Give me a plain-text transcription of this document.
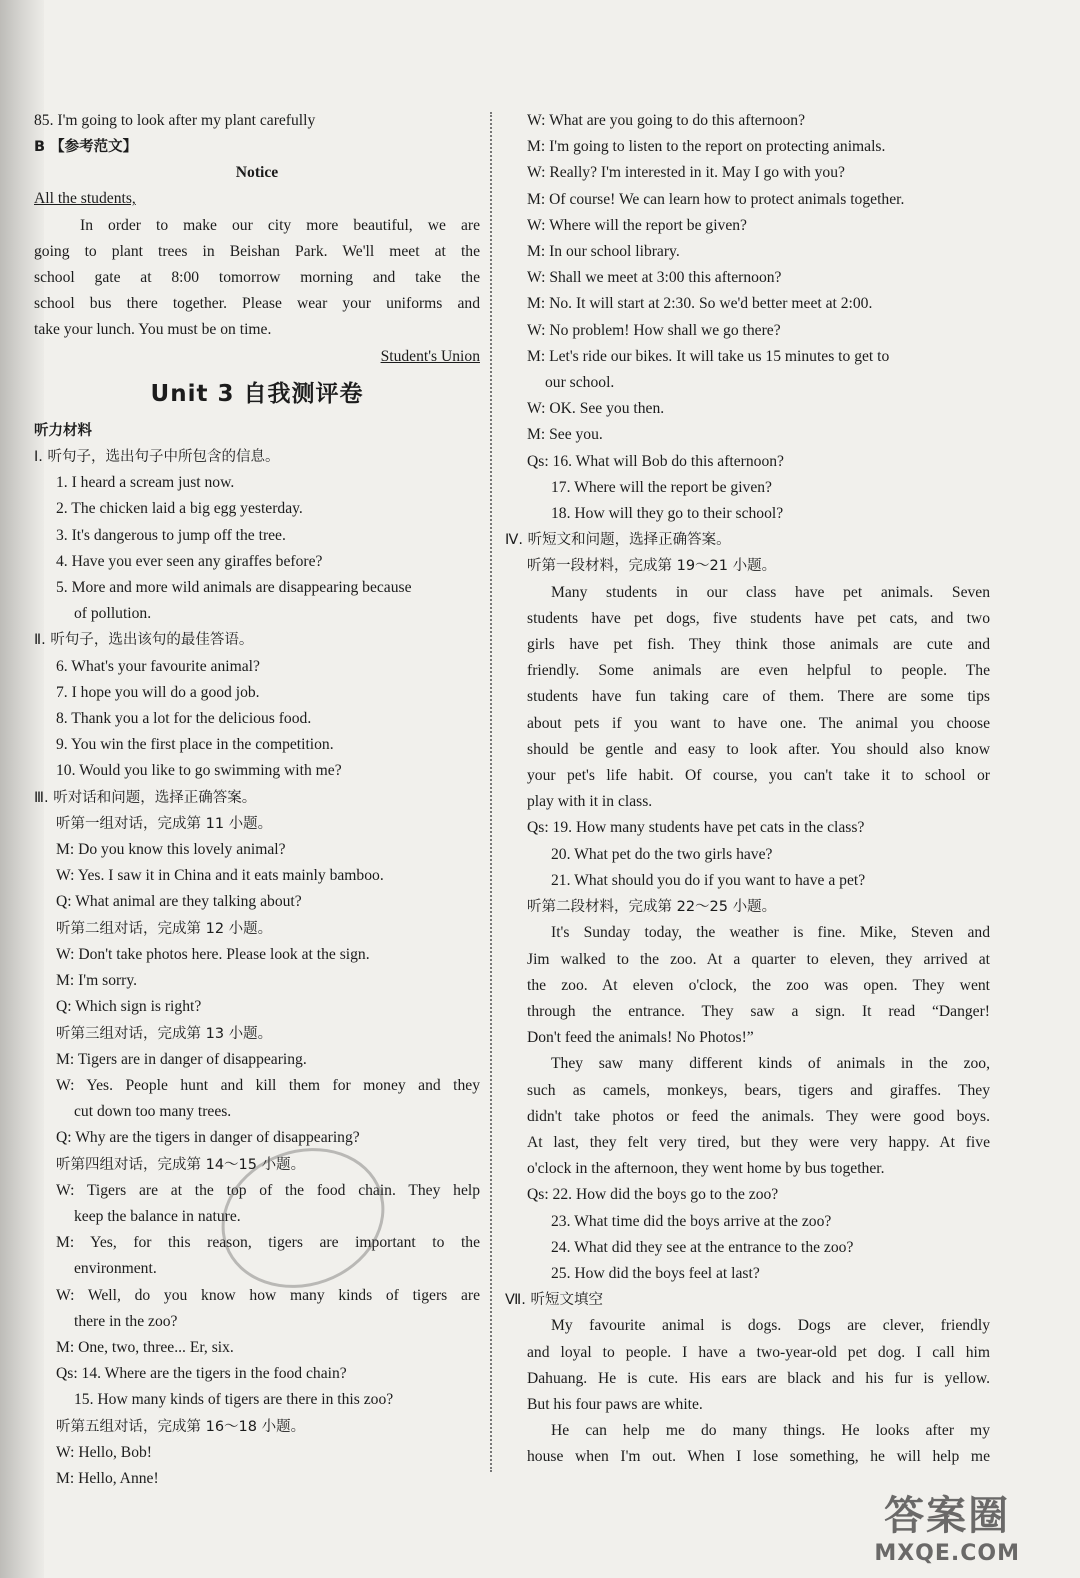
85. I'm going to look after my plant carefully
B 【参考范文】
Notice
All the students,
In order to make our city more beautiful, we are
going to plant trees in Beishan Park. We'll meet at the
school gate at 8:00 tomorrow morning and take the
school bus there together. Please wear your uniforms and
take your lunch. You must be on time.
Student's Union
Unit 3 自我测评卷
听力材料
Ⅰ. 听句子，选出句子中所包含的信息。
1. I heard a scream just now.
2. The chicken laid a big egg yesterday.
3. It's dangerous to jump off the tree.
4. Have you ever seen any giraffes before?
5. More and more wild animals are disappearing because
of pollution.
Ⅱ. 听句子，选出该句的最佳答语。
6. What's your favourite animal?
7. I hope you will do a good job.
8. Thank you a lot for the delicious food.
9. You win the first place in the competition.
10. Would you like to go swimming with me?
Ⅲ. 听对话和问题，选择正确答案。
听第一组对话，完成第 11 小题。
M: Do you know this lovely animal?
W: Yes. I saw it in China and it eats mainly bamboo.
Q: What animal are they talking about?
听第二组对话，完成第 12 小题。
W: Don't take photos here. Please look at the sign.
M: I'm sorry.
Q: Which sign is right?
听第三组对话，完成第 13 小题。
M: Tigers are in danger of disappearing.
W: Yes. People hunt and kill them for money and they
cut down too many trees.
Q: Why are the tigers in danger of disappearing?
听第四组对话，完成第 14～15 小题。
W: Tigers are at the top of the food chain. They help
keep the balance in nature.
M: Yes, for this reason, tigers are important to the
environment.
W: Well, do you know how many kinds of tigers are
there in the zoo?
M: One, two, three... Er, six.
Qs: 14. Where are the tigers in the food chain?
15. How many kinds of tigers are there in this zoo?
听第五组对话，完成第 16～18 小题。
W: Hello, Bob!
M: Hello, Anne!
W: What are you going to do this afternoon?
M: I'm going to listen to the report on protecting animals.
W: Really? I'm interested in it. May I go with you?
M: Of course! We can learn how to protect animals together.
W: Where will the report be given?
M: In our school library.
W: Shall we meet at 3:00 this afternoon?
M: No. It will start at 2:30. So we'd better meet at 2:00.
W: No problem! How shall we go there?
M: Let's ride our bikes. It will take us 15 minutes to get to
our school.
W: OK. See you then.
M: See you.
Qs: 16. What will Bob do this afternoon?
17. Where will the report be given?
18. How will they go to their school?
Ⅳ. 听短文和问题，选择正确答案。
听第一段材料，完成第 19～21 小题。
Many students in our class have pet animals. Seven
students have pet dogs, five students have pet cats, and two
girls have pet fish. They think those animals are cute and
friendly. Some animals are even helpful to people. The
students have fun taking care of them. There are some tips
about pets if you want to have one. The animal you choose
should be gentle and easy to look after. You should also know
your pet's life habit. Of course, you can't take it to school or
play with it in class.
Qs: 19. How many students have pet cats in the class?
20. What pet do the two girls have?
21. What should you do if you want to have a pet?
听第二段材料，完成第 22～25 小题。
It's Sunday today, the weather is fine. Mike, Steven and
Jim walked to the zoo. At a quarter to eleven, they arrived at
the zoo. At eleven o'clock, the zoo was open. They went
through the entrance. They saw a sign. It read “Danger!
Don't feed the animals! No Photos!”
They saw many different kinds of animals in the zoo,
such as camels, monkeys, bears, tigers and giraffes. They
didn't take photos or feed the animals. They were good boys.
At last, they felt very tired, but they were very happy. At five
o'clock in the afternoon, they went home by bus together.
Qs: 22. How did the boys go to the zoo?
23. What time did the boys arrive at the zoo?
24. What did they see at the entrance to the zoo?
25. How did the boys feel at last?
Ⅶ. 听短文填空
My favourite animal is dogs. Dogs are clever, friendly
and loyal to people. I have a two-year-old pet dog. I call him
Dahuang. He is cute. His ears are black and his fur is yellow.
But his four paws are white.
He can help me do many things. He looks after my
house when I'm out. When I lose something, he will help me
答案圈
MXQE.COM
